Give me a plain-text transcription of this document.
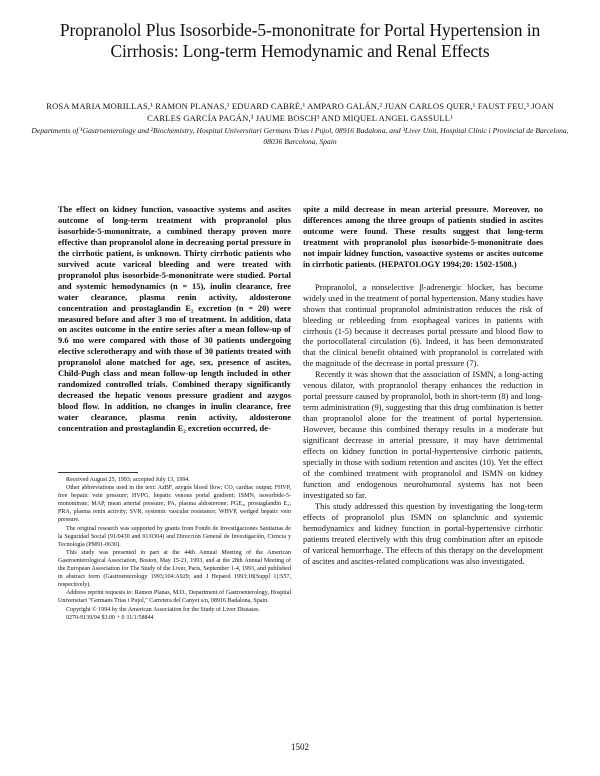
Propranolol Plus Isosorbide-5-mononitrate for Portal Hypertension in Cirrhosis: Long-term Hemodynamic and Renal Effects
ROSA MARIA MORILLAS,¹ RAMON PLANAS,¹ EDUARD CABRÉ,¹ AMPARO GALÁN,² JUAN CARLOS QUER,¹ FAUST FEU,³ JOAN CARLES GARCÍA PAGÁN,³ JAUME BOSCH³ AND MIQUEL ANGEL GASSULL¹
Departments of ¹Gastroenterology and ²Biochemistry, Hospital Universitari Germans Trias i Pujol, 08916 Badalona, and ³Liver Unit, Hospital Clínic i Provincial de Barcelona, 08036 Barcelona, Spain

The effect on kidney function, vasoactive systems and ascites outcome of long-term treatment with propranolol plus isosorbide-5-mononitrate, a combined therapy proven more effective than propranolol alone in decreasing portal pressure in the cirrhotic patient, is unknown. Thirty cirrhotic patients who survived acute variceal bleeding and were treated with propranolol plus isosorbide-5-mononitrate were studied. Portal and systemic hemodynamics (n = 15), inulin clearance, free water clearance, plasma renin activity, aldosterone concentration and prostaglandin E₂ excretion (n = 20) were measured before and after 3 mo of treatment. In addition, data on ascites outcome in the entire series after a mean follow-up of 9.6 mo were compared with those of 30 patients undergoing elective sclerotherapy and with those of 30 patients treated with propranolol alone matched for age, sex, presence of ascites, Child-Pugh class and mean follow-up length included in other randomized controlled trials. Combined therapy significantly decreased the hepatic venous pressure gradient and azygos blood flow. In addition, no changes in inulin clearance, free water clearance, plasma renin activity, aldosterone concentration and prostaglandin E₂ excretion occurred, de-

Received August 25, 1993; accepted July 13, 1994.

Other abbreviations used in the text: AzBF, azygos blood flow; CO, cardiac output; FHVP, free hepatic vein pressure; HVPG, hepatic venous portal gradient; ISMN, isosorbide-5-mononitrate; MAP, mean arterial pressure; PA, plasma aldosterone; PGE₂, prostaglandin E₂; PRA, plasma renin activity; SVR, systemic vascular resistance; WHVP, wedged hepatic vein pressure.

The original research was supported by grants from Fondo de Investigaciones Sanitarias de la Seguridad Social (91/0430 and 91/0304) and Dirección General de Investigación, Ciencia y Tecnología (PM91-0630).

This study was presented in part at the 44th Annual Meeting of the American Gastroenterological Association, Boston, May 15-21, 1993, and at the 28th Annual Meeting of the European Association for The Study of the Liver, Paris, September 1-4, 1993, and published in abstract form (Gastroenterology 1993;104:A929; and J Hepatol 1993;18(Suppl 1):S57, respectively).

Address reprint requests to: Ramon Planas, M.D., Department of Gastroenterology, Hospital Universitari "Germans Trias i Pujol," Carretera del Canyet s/n, 08916 Badalona, Spain.

Copyright © 1994 by the American Association for the Study of Liver Diseases.

0270-9139/94 $3.00 + 0 31/1/58844

spite a mild decrease in mean arterial pressure. Moreover, no differences among the three groups of patients studied in ascites outcome were found. These results suggest that long-term treatment with propranolol plus isosorbide-5-mononitrate does not impair kidney function, vasoactive systems or ascites outcome in cirrhotic patients. (HEPATOLOGY 1994;20: 1502-1508.)

Propranolol, a nonselective β-adrenergic blocker, has become widely used in the treatment of portal hypertension. Many studies have shown that continual propranolol administration reduces the risk of bleeding or rebleeding from esophageal varices in patients with cirrhosis (1-5) because it decreases portal pressure and blood flow to the portocollateral circulation (6). Indeed, it has been demonstrated that the clinical benefit obtained with propranolol is correlated with the magnitude of the decrease in portal pressure (7).

Recently it was shown that the association of ISMN, a long-acting venous dilator, with propranolol therapy enhances the reduction in portal pressure caused by propranolol, both in short-term (8) and long-term administration (9), suggesting that this drug combination is better than propranolol alone for the treatment of portal hypertension. However, because this combined therapy results in a moderate but significant decrease in arterial pressure, it may have detrimental effects on kidney function in portal-hypertensive cirrhotic patients, specially in those with sodium retention and ascites (10). Yet the effect of the combined treatment with propranolol and ISMN on kidney function and endogenous neurohumoral systems has not been investigated so far.

This study addressed this question by investigating the long-term effects of propranolol plus ISMN on splanchnic and systemic hemodynamics and kidney function in portal-hypertensive cirrhotic patients treated electively with this drug combination after an episode of variceal hemorrhage. The effects of this therapy on the development of ascites and ascites-related complications was also investigated.

1502
